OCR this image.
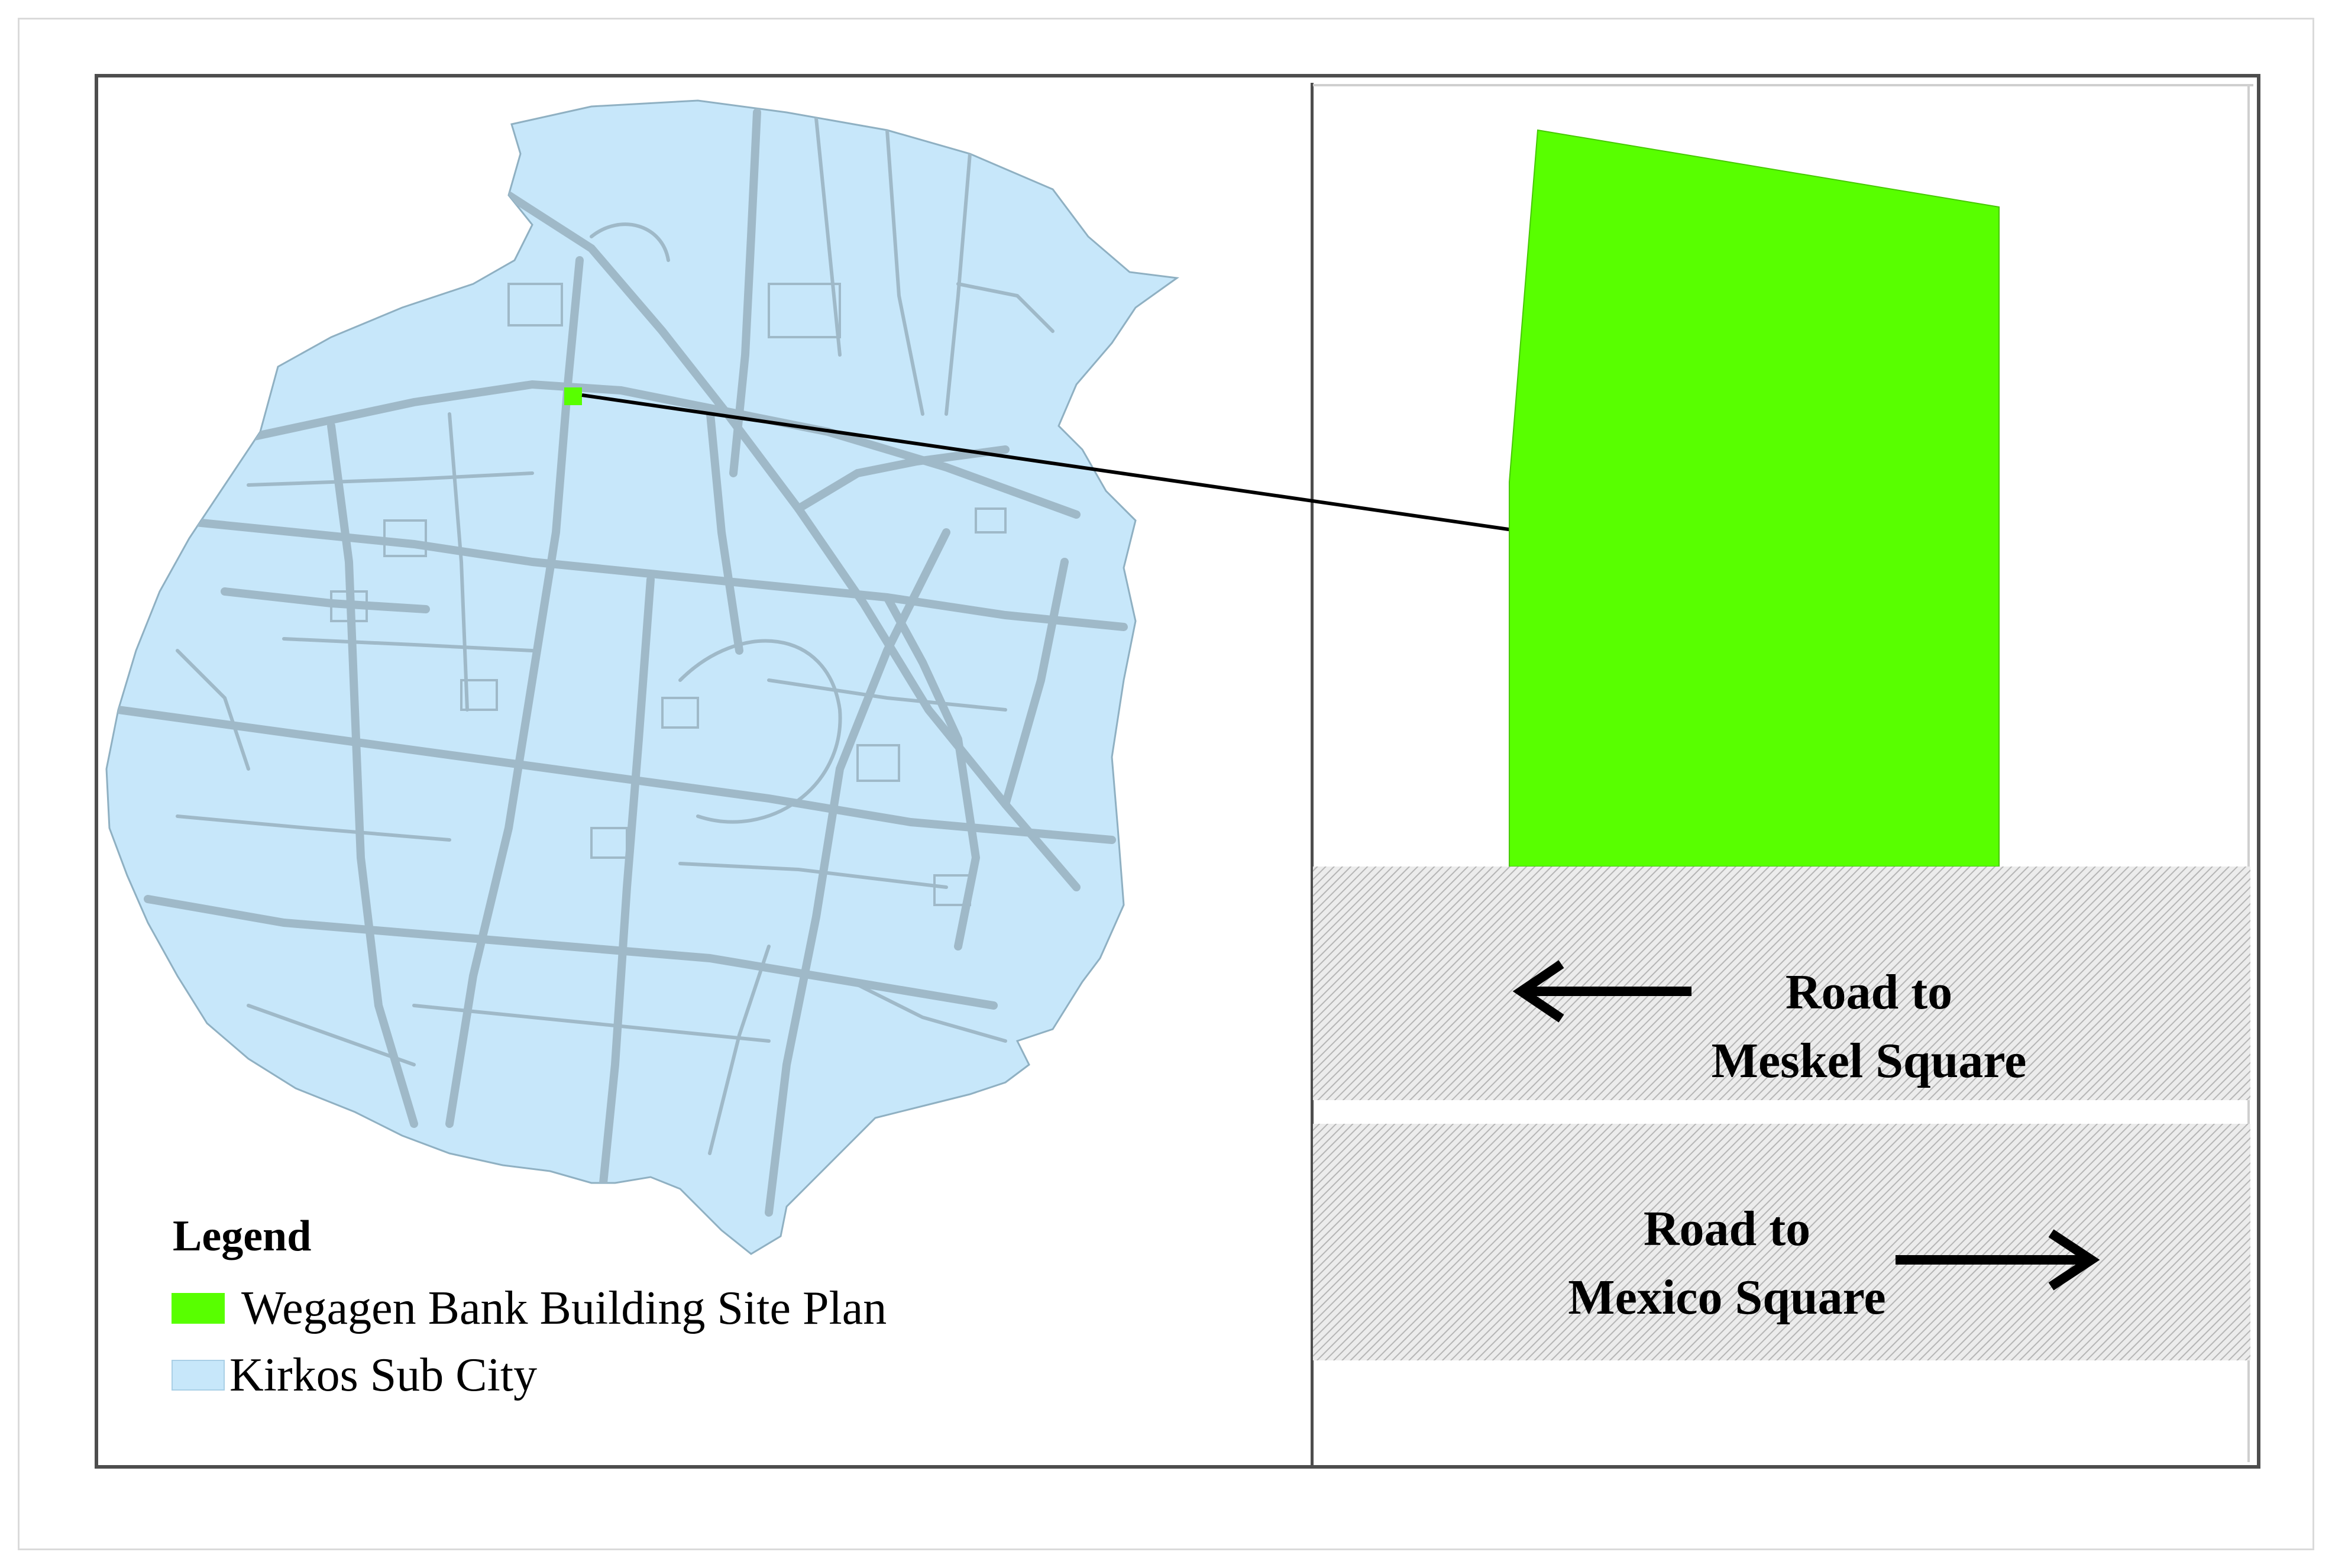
Legend
Wegagen Bank Building Site Plan
Kirkos Sub City
Road to
Meskel Square
Road to
Mexico Square
